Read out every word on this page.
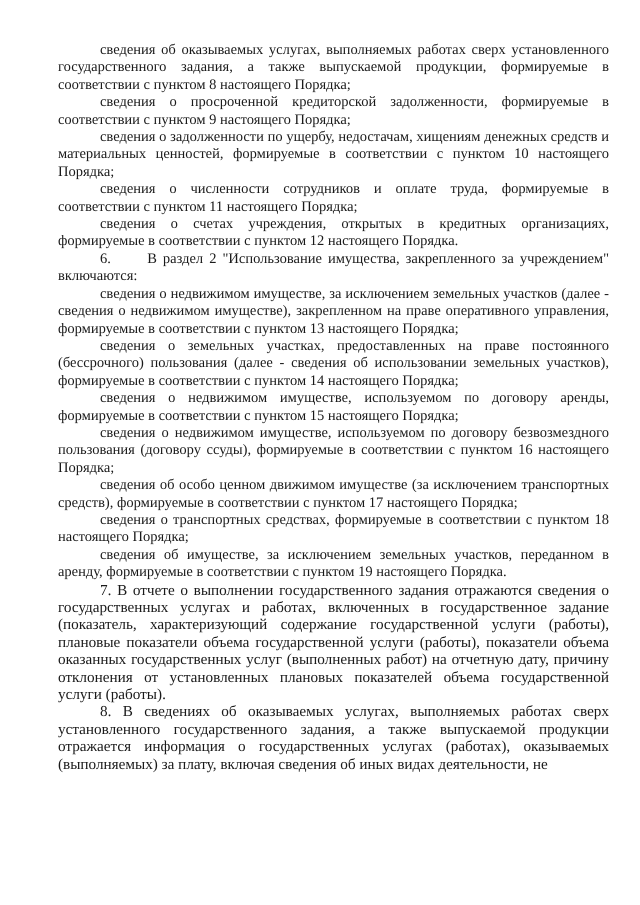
сведения об оказываемых услугах, выполняемых работах сверх установленного государственного задания, а также выпускаемой продукции, формируемые в соответствии с пунктом 8 настоящего Порядка;

сведения о просроченной кредиторской задолженности, формируемые в соответствии с пунктом 9 настоящего Порядка;

сведения о задолженности по ущербу, недостачам, хищениям денежных средств и материальных ценностей, формируемые в соответствии с пунктом 10 настоящего Порядка;

сведения о численности сотрудников и оплате труда, формируемые в соответствии с пунктом 11 настоящего Порядка;

сведения о счетах учреждения, открытых в кредитных организациях, формируемые в соответствии с пунктом 12 настоящего Порядка.

6.      В раздел 2 "Использование имущества, закрепленного за учреждением" включаются:

сведения о недвижимом имуществе, за исключением земельных участков (далее - сведения о недвижимом имуществе), закрепленном на праве оперативного управления, формируемые в соответствии с пунктом 13 настоящего Порядка;

сведения о земельных участках, предоставленных на праве постоянного (бессрочного) пользования (далее - сведения об использовании земельных участков), формируемые в соответствии с пунктом 14 настоящего Порядка;

сведения о недвижимом имуществе, используемом по договору аренды, формируемые в соответствии с пунктом 15 настоящего Порядка;

сведения о недвижимом имуществе, используемом по договору безвозмездного пользования (договору ссуды), формируемые в соответствии с пунктом 16 настоящего Порядка;

сведения об особо ценном движимом имуществе (за исключением транспортных средств), формируемые в соответствии с пунктом 17 настоящего Порядка;

сведения о транспортных средствах, формируемые в соответствии с пунктом 18 настоящего Порядка;

сведения об имуществе, за исключением земельных участков, переданном в аренду, формируемые в соответствии с пунктом 19 настоящего Порядка.

7. В отчете о выполнении государственного задания отражаются сведения о государственных услугах и работах, включенных в государственное задание (показатель, характеризующий содержание государственной услуги (работы), плановые показатели объема государственной услуги (работы), показатели объема оказанных государственных услуг (выполненных работ) на отчетную дату, причину отклонения от установленных плановых показателей объема государственной услуги (работы).

8. В сведениях об оказываемых услугах, выполняемых работах сверх установленного государственного задания, а также выпускаемой продукции отражается информация о государственных услугах (работах), оказываемых (выполняемых) за плату, включая сведения об иных видах деятельности, не
